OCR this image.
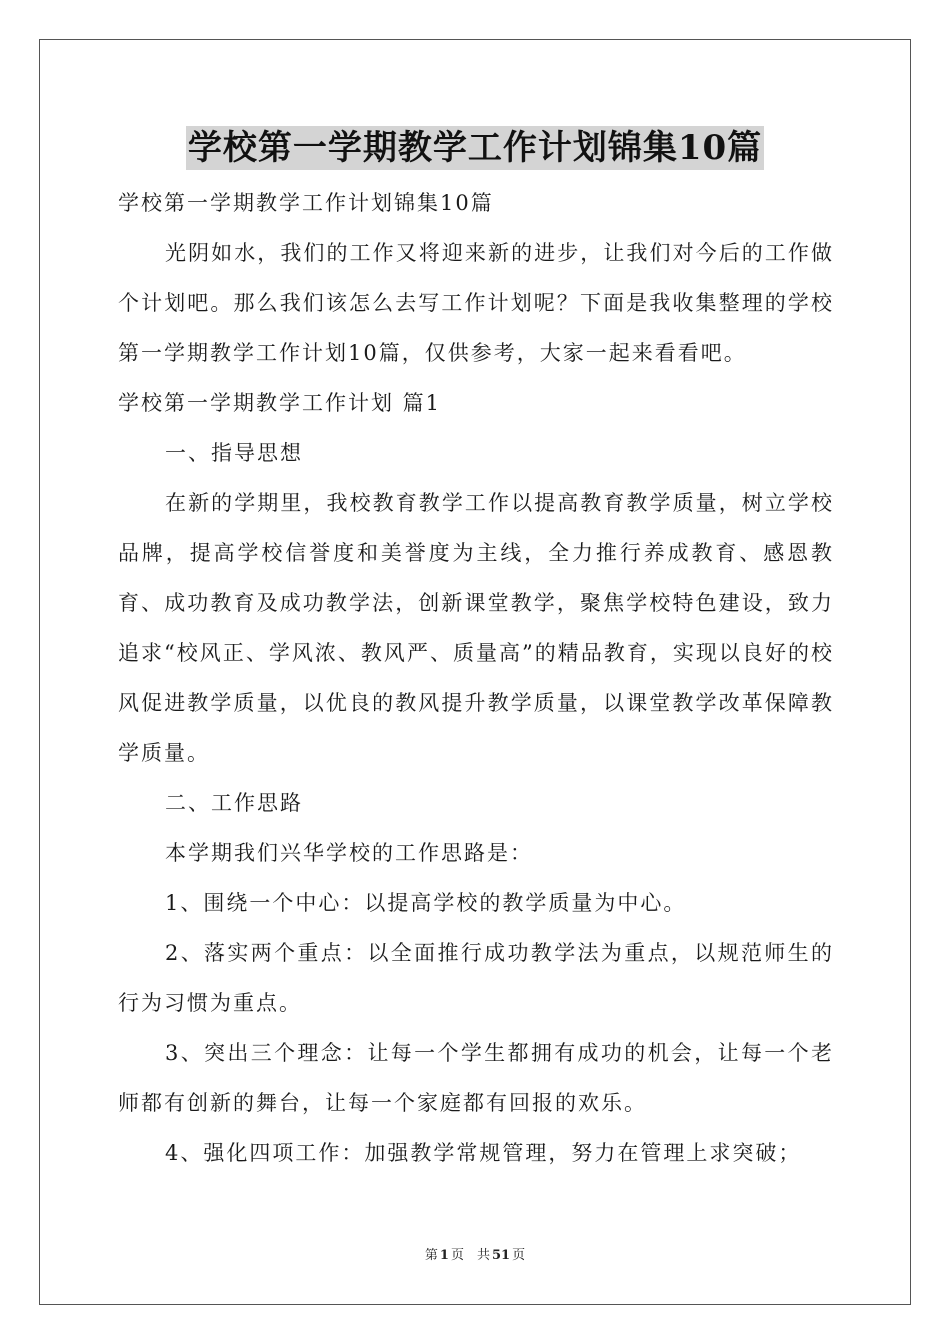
学校第一学期教学工作计划锦集10篇

学校第一学期教学工作计划锦集10篇

光阴如水，我们的工作又将迎来新的进步，让我们对今后的工作做个计划吧。那么我们该怎么去写工作计划呢？下面是我收集整理的学校第一学期教学工作计划10篇，仅供参考，大家一起来看看吧。

学校第一学期教学工作计划 篇1

一、指导思想

在新的学期里，我校教育教学工作以提高教育教学质量，树立学校品牌，提高学校信誉度和美誉度为主线，全力推行养成教育、感恩教育、成功教育及成功教学法，创新课堂教学，聚焦学校特色建设，致力追求“校风正、学风浓、教风严、质量高”的精品教育，实现以良好的校风促进教学质量，以优良的教风提升教学质量，以课堂教学改革保障教学质量。

二、工作思路

本学期我们兴华学校的工作思路是：

1、围绕一个中心：以提高学校的教学质量为中心。

2、落实两个重点：以全面推行成功教学法为重点，以规范师生的行为习惯为重点。

3、突出三个理念：让每一个学生都拥有成功的机会，让每一个老师都有创新的舞台，让每一个家庭都有回报的欢乐。

4、强化四项工作：加强教学常规管理，努力在管理上求突破；

第 1 页　共 51 页
